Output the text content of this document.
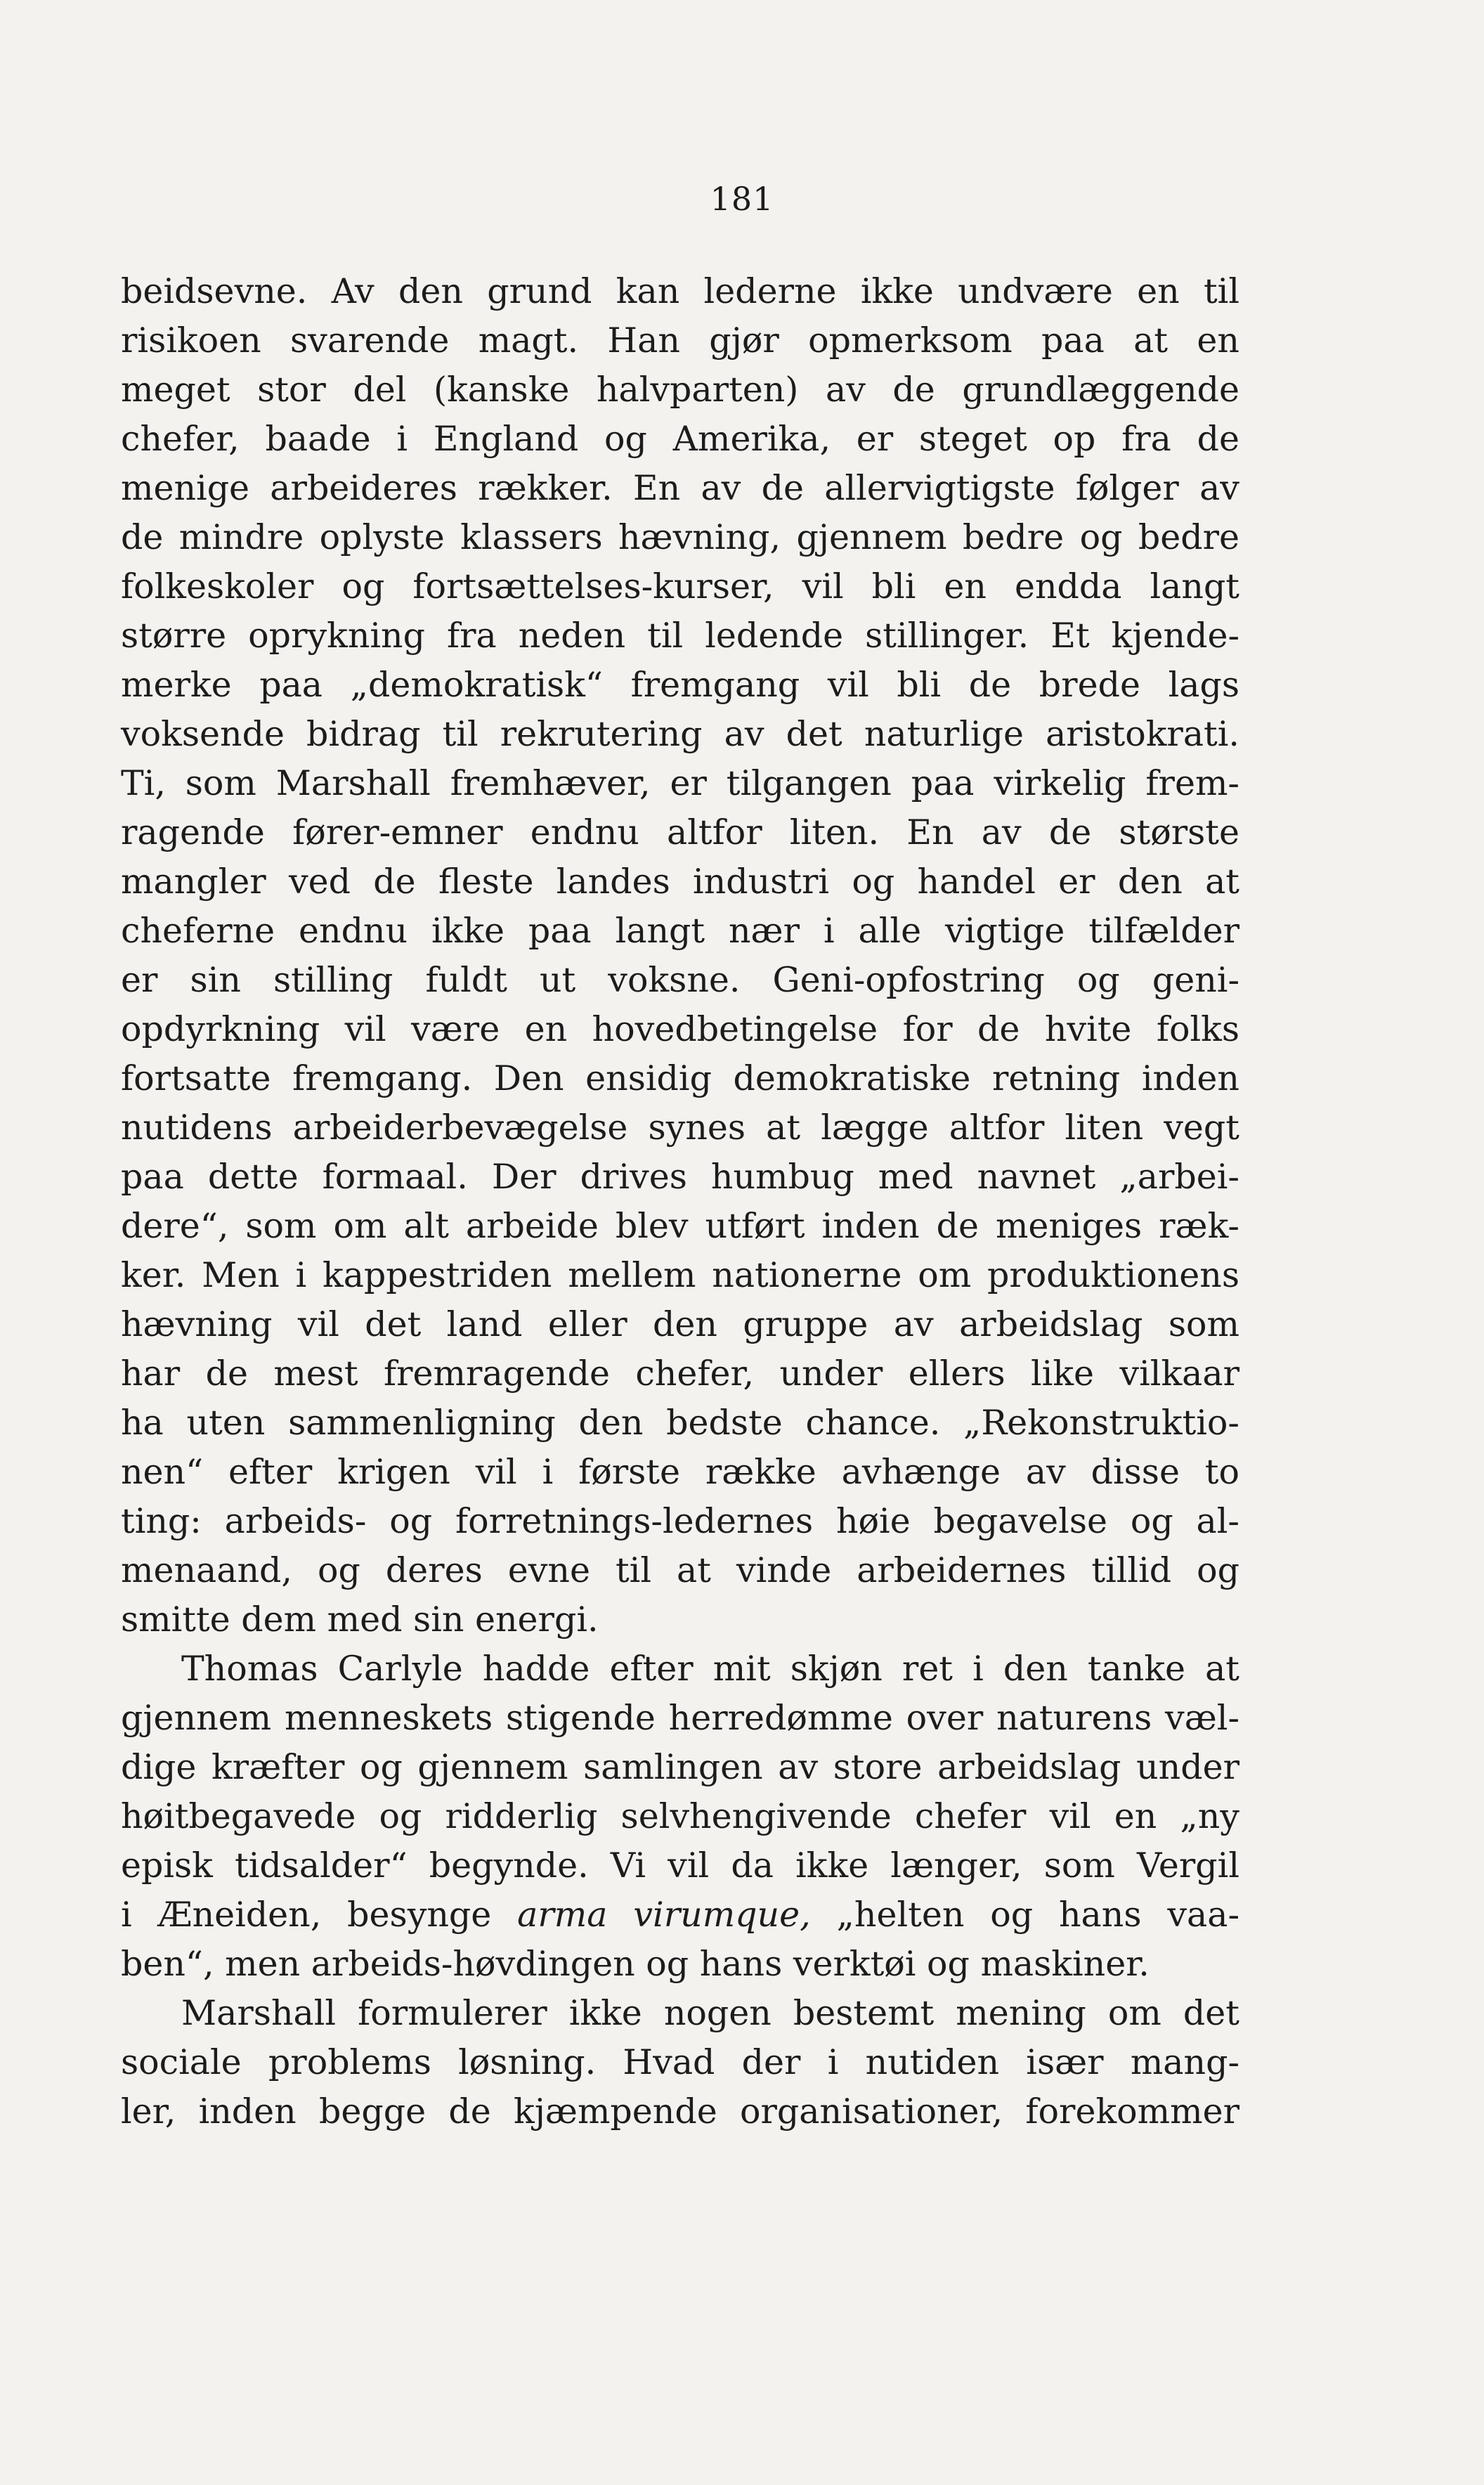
181
beidsevne. Av den grund kan lederne ikke undvære en til
risikoen svarende magt. Han gjør opmerksom paa at en
meget stor del (kanske halvparten) av de grundlæggende
chefer, baade i England og Amerika, er steget op fra de
menige arbeideres rækker. En av de allervigtigste følger av
de mindre oplyste klassers hævning, gjennem bedre og bedre
folkeskoler og fortsættelses-kurser, vil bli en endda langt
større oprykning fra neden til ledende stillinger. Et kjende-
merke paa „demokratisk“ fremgang vil bli de brede lags
voksende bidrag til rekrutering av det naturlige aristokrati.
Ti, som Marshall fremhæver, er tilgangen paa virkelig frem-
ragende fører-emner endnu altfor liten. En av de største
mangler ved de fleste landes industri og handel er den at
cheferne endnu ikke paa langt nær i alle vigtige tilfælder
er sin stilling fuldt ut voksne. Geni-opfostring og geni-
opdyrkning vil være en hovedbetingelse for de hvite folks
fortsatte fremgang. Den ensidig demokratiske retning inden
nutidens arbeiderbevægelse synes at lægge altfor liten vegt
paa dette formaal. Der drives humbug med navnet „arbei-
dere“, som om alt arbeide blev utført inden de meniges ræk-
ker. Men i kappestriden mellem nationerne om produktionens
hævning vil det land eller den gruppe av arbeidslag som
har de mest fremragende chefer, under ellers like vilkaar
ha uten sammenligning den bedste chance. „Rekonstruktio-
nen“ efter krigen vil i første række avhænge av disse to
ting: arbeids- og forretnings-ledernes høie begavelse og al-
menaand, og deres evne til at vinde arbeidernes tillid og
smitte dem med sin energi.
Thomas Carlyle hadde efter mit skjøn ret i den tanke at
gjennem menneskets stigende herredømme over naturens væl-
dige kræfter og gjennem samlingen av store arbeidslag under
høitbegavede og ridderlig selvhengivende chefer vil en „ny
episk tidsalder“ begynde. Vi vil da ikke længer, som Vergil
i Æneiden, besynge arma virumque, „helten og hans vaa-
ben“, men arbeids-høvdingen og hans verktøi og maskiner.
Marshall formulerer ikke nogen bestemt mening om det
sociale problems løsning. Hvad der i nutiden især mang-
ler, inden begge de kjæmpende organisationer, forekommer
